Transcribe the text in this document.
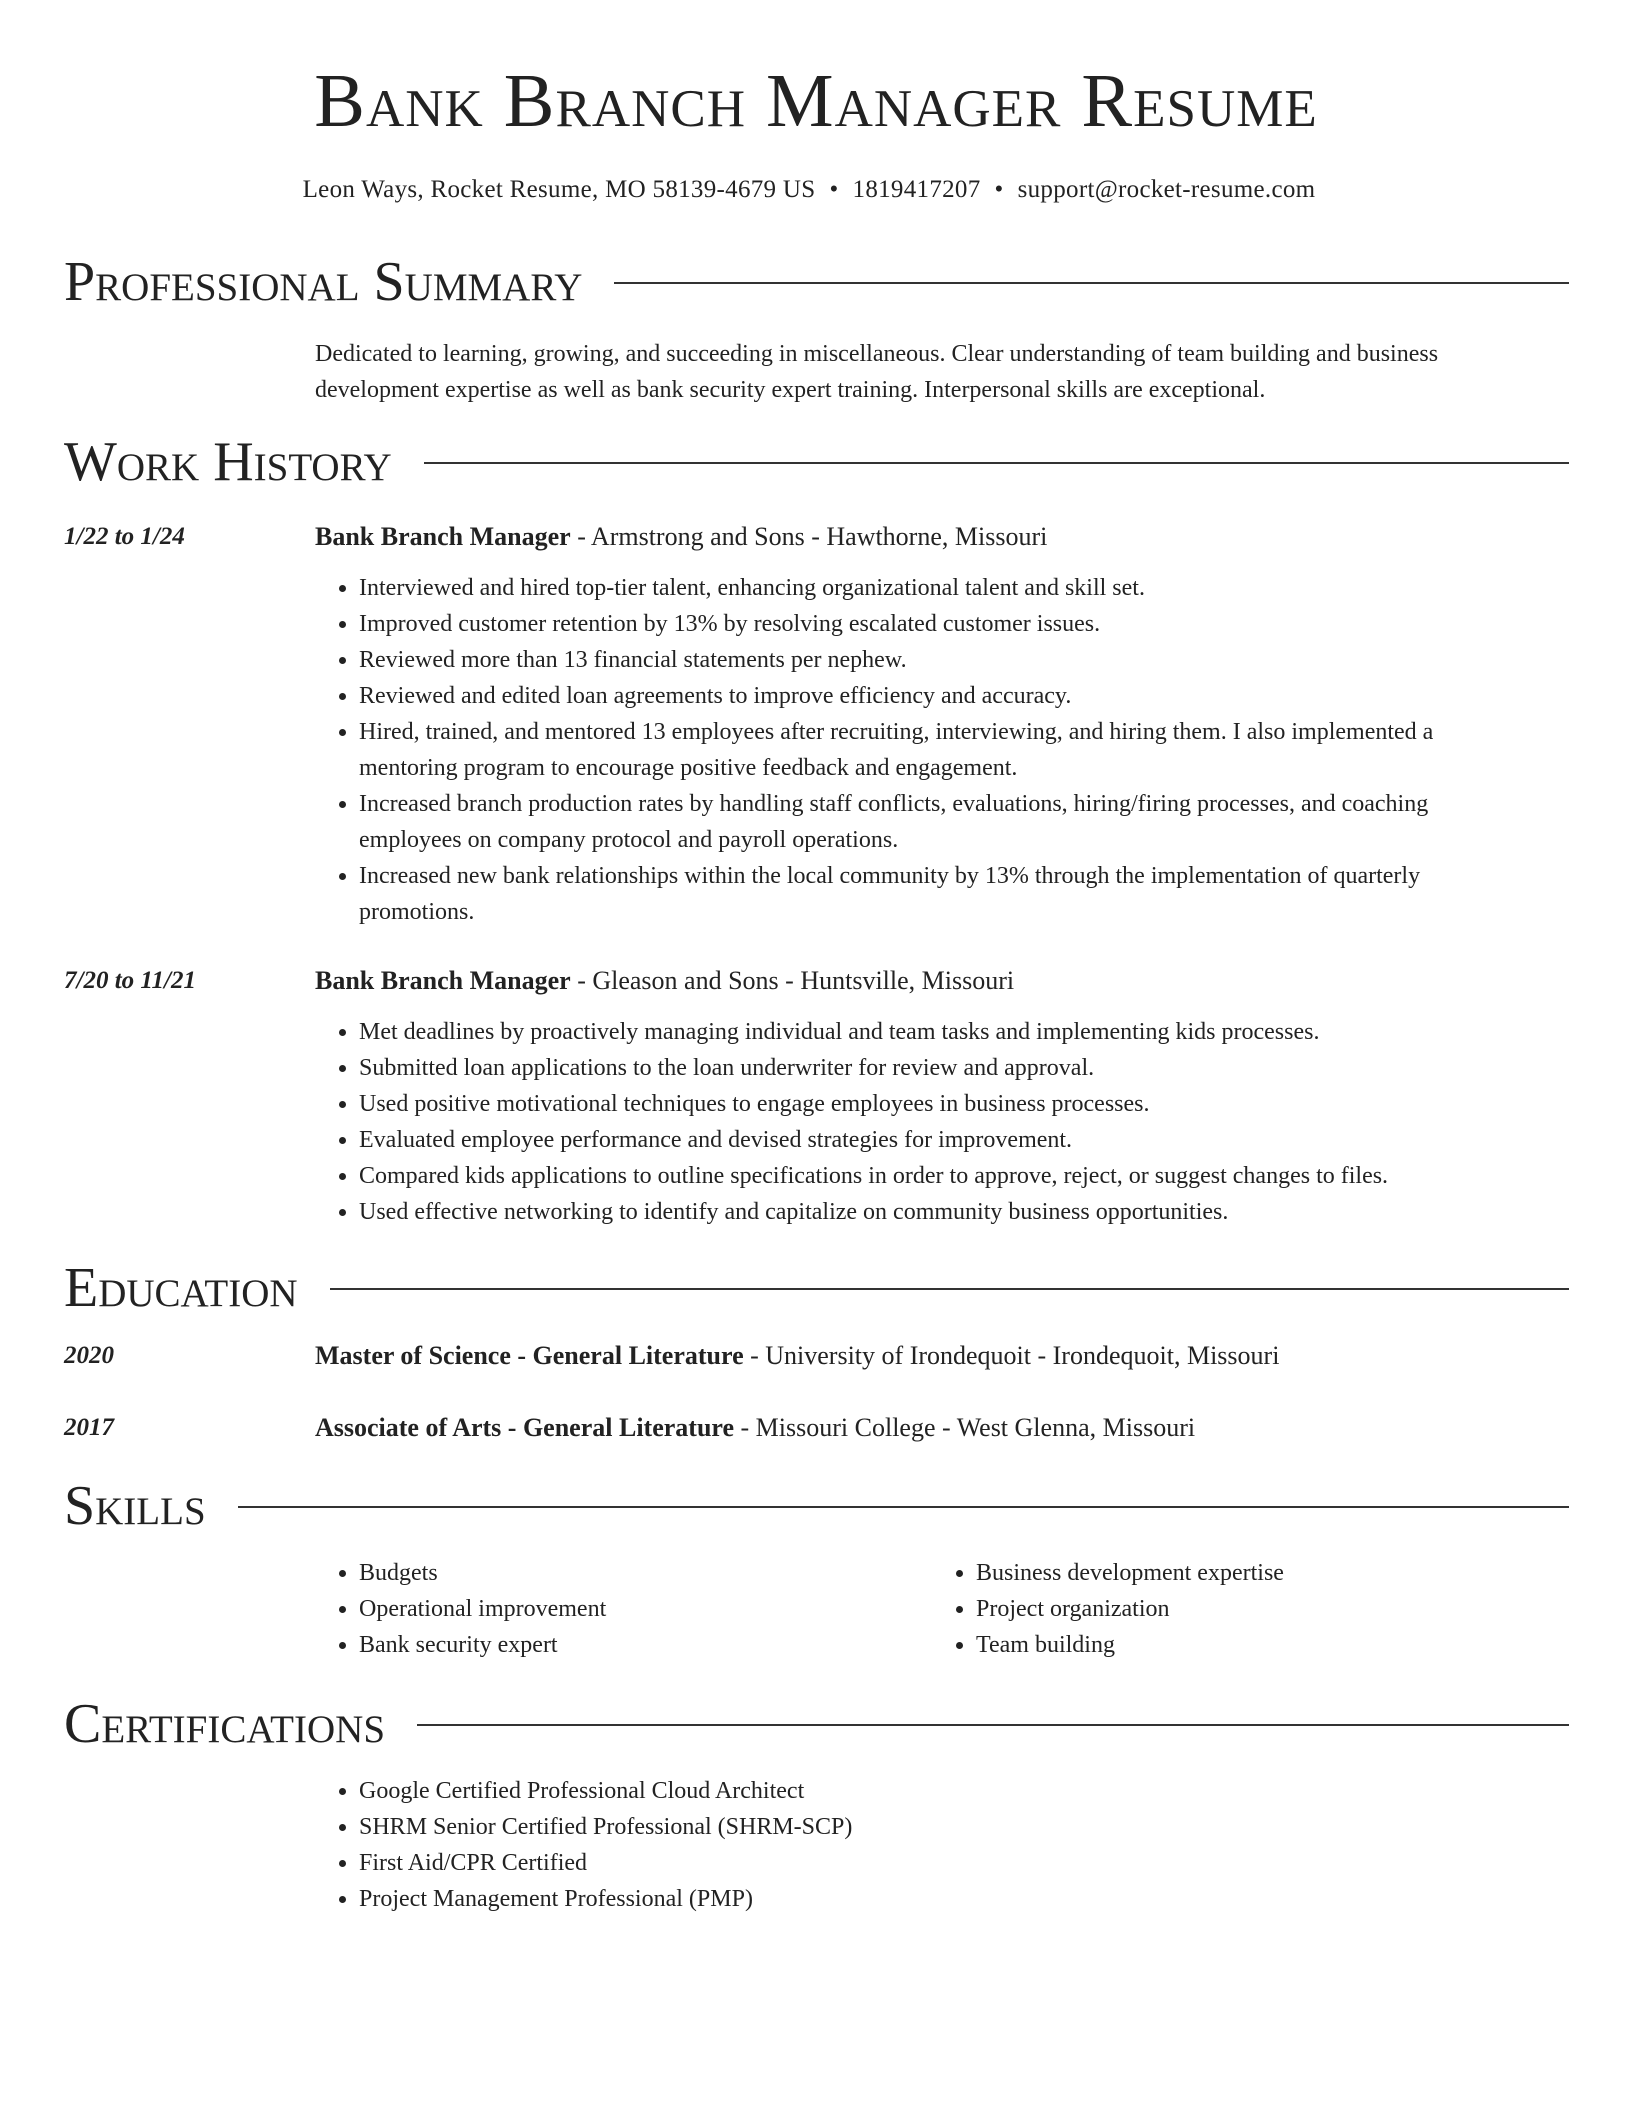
Bank Branch Manager Resume
Leon Ways, Rocket Resume, MO 58139-4679 US • 1819417207 • support@rocket-resume.com
Professional Summary
Dedicated to learning, growing, and succeeding in miscellaneous. Clear understanding of team building and business development expertise as well as bank security expert training. Interpersonal skills are exceptional.
Work History
1/22 to 1/24	Bank Branch Manager - Armstrong and Sons - Hawthorne, Missouri
• Interviewed and hired top-tier talent, enhancing organizational talent and skill set.
• Improved customer retention by 13% by resolving escalated customer issues.
• Reviewed more than 13 financial statements per nephew.
• Reviewed and edited loan agreements to improve efficiency and accuracy.
• Hired, trained, and mentored 13 employees after recruiting, interviewing, and hiring them. I also implemented a mentoring program to encourage positive feedback and engagement.
• Increased branch production rates by handling staff conflicts, evaluations, hiring/firing processes, and coaching employees on company protocol and payroll operations.
• Increased new bank relationships within the local community by 13% through the implementation of quarterly promotions.
7/20 to 11/21	Bank Branch Manager - Gleason and Sons - Huntsville, Missouri
• Met deadlines by proactively managing individual and team tasks and implementing kids processes.
• Submitted loan applications to the loan underwriter for review and approval.
• Used positive motivational techniques to engage employees in business processes.
• Evaluated employee performance and devised strategies for improvement.
• Compared kids applications to outline specifications in order to approve, reject, or suggest changes to files.
• Used effective networking to identify and capitalize on community business opportunities.
Education
2020	Master of Science - General Literature - University of Irondequoit - Irondequoit, Missouri
2017	Associate of Arts - General Literature - Missouri College - West Glenna, Missouri
Skills
• Budgets
• Operational improvement
• Bank security expert
• Business development expertise
• Project organization
• Team building
Certifications
• Google Certified Professional Cloud Architect
• SHRM Senior Certified Professional (SHRM-SCP)
• First Aid/CPR Certified
• Project Management Professional (PMP)
